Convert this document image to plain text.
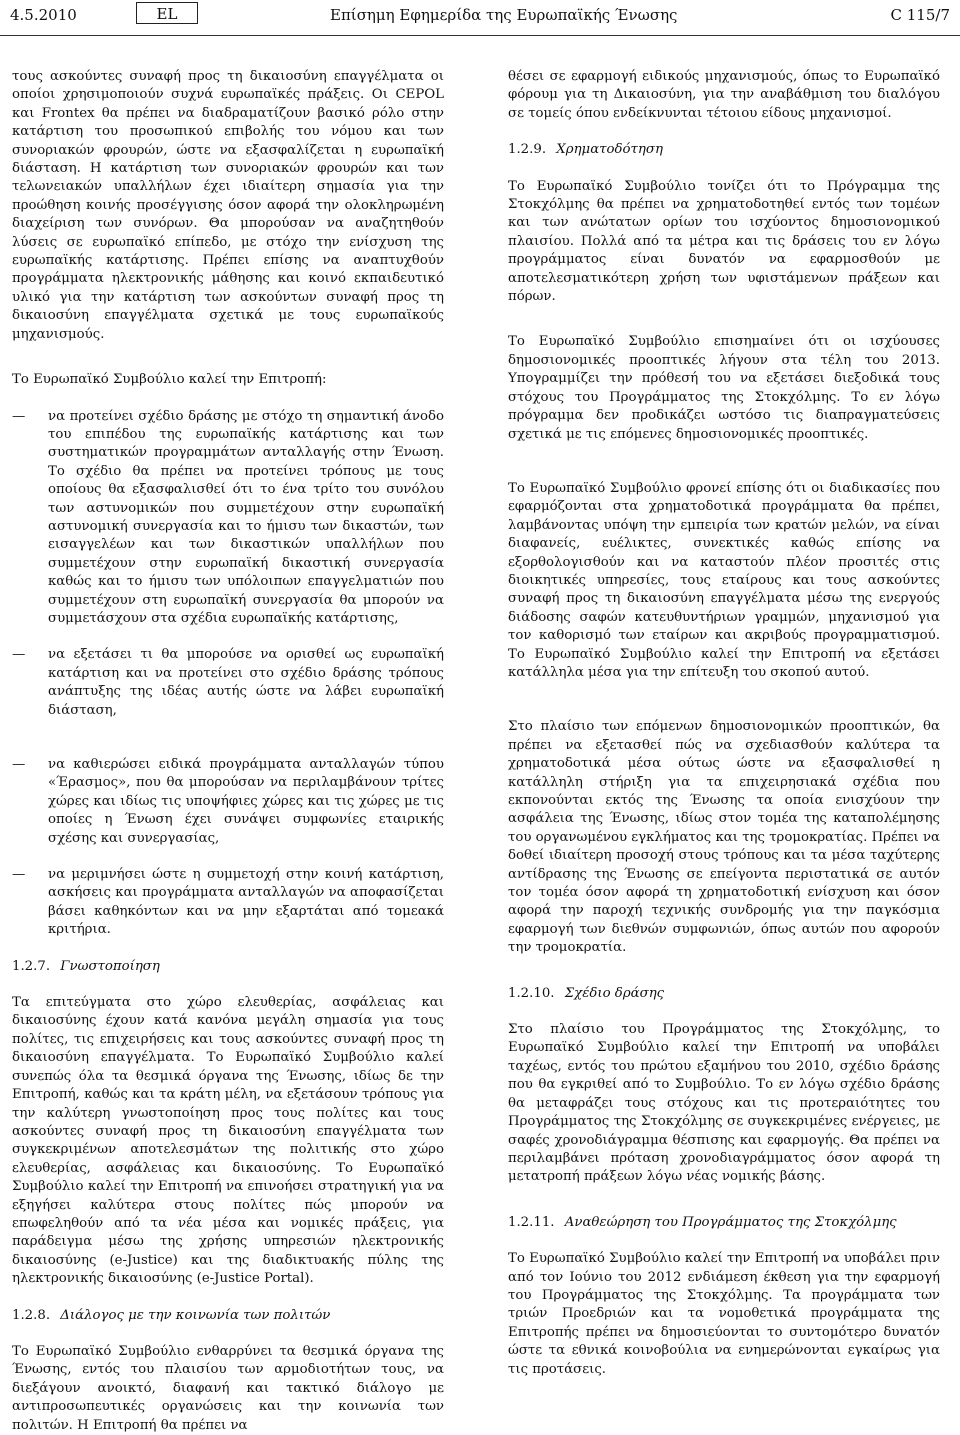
4.5.2010	EL	Επίσημη Εφημερίδα της Ευρωπαϊκής Ένωσης	C 115/7

τους ασκούντες συναφή προς τη δικαιοσύνη επαγγέλματα οι οποίοι χρησιμοποιούν συχνά ευρωπαϊκές πράξεις. Οι CEPOL και Frontex θα πρέπει να διαδραματίζουν βασικό ρόλο στην κατάρτιση του προσωπικού επιβολής του νόμου και των συνοριακών φρουρών, ώστε να εξασφαλίζεται η ευρωπαϊκή διάσταση. Η κατάρτιση των συνοριακών φρουρών και των τελωνειακών υπαλλήλων έχει ιδιαίτερη σημασία για την προώθηση κοινής προσέγγισης όσον αφορά την ολοκληρωμένη διαχείριση των συνόρων. Θα μπορούσαν να αναζητηθούν λύσεις σε ευρωπαϊκό επίπεδο, με στόχο την ενίσχυση της ευρωπαϊκής κατάρτισης. Πρέπει επίσης να αναπτυχθούν προγράμματα ηλεκτρονικής μάθησης και κοινό εκπαιδευτικό υλικό για την κατάρτιση των ασκούντων συναφή προς τη δικαιοσύνη επαγγέλματα σχετικά με τους ευρωπαϊκούς μηχανισμούς.

Το Ευρωπαϊκό Συμβούλιο καλεί την Επιτροπή:

—	να προτείνει σχέδιο δράσης με στόχο τη σημαντική άνοδο του επιπέδου της ευρωπαϊκής κατάρτισης και των συστηματικών προγραμμάτων ανταλλαγής στην Ένωση. Το σχέδιο θα πρέπει να προτείνει τρόπους με τους οποίους θα εξασφαλισθεί ότι το ένα τρίτο του συνόλου των αστυνομικών που συμμετέχουν στην ευρωπαϊκή αστυνομική συνεργασία και το ήμισυ των δικαστών, των εισαγγελέων και των δικαστικών υπαλλήλων που συμμετέχουν στην ευρωπαϊκή δικαστική συνεργασία καθώς και το ήμισυ των υπόλοιπων επαγγελματιών που συμμετέχουν στη ευρωπαϊκή συνεργασία θα μπορούν να συμμετάσχουν στα σχέδια ευρωπαϊκής κατάρτισης,

—	να εξετάσει τι θα μπορούσε να ορισθεί ως ευρωπαϊκή κατάρτιση και να προτείνει στο σχέδιο δράσης τρόπους ανάπτυξης της ιδέας αυτής ώστε να λάβει ευρωπαϊκή διάσταση,

—	να καθιερώσει ειδικά προγράμματα ανταλλαγών τύπου «Έρασμος», που θα μπορούσαν να περιλαμβάνουν τρίτες χώρες και ιδίως τις υποψήφιες χώρες και τις χώρες με τις οποίες η Ένωση έχει συνάψει συμφωνίες εταιρικής σχέσης και συνεργασίας,

—	να μεριμνήσει ώστε η συμμετοχή στην κοινή κατάρτιση, ασκήσεις και προγράμματα ανταλλαγών να αποφασίζεται βάσει καθηκόντων και να μην εξαρτάται από τομεακά κριτήρια.

1.2.7. Γνωστοποίηση

Τα επιτεύγματα στο χώρο ελευθερίας, ασφάλειας και δικαιοσύνης έχουν κατά κανόνα μεγάλη σημασία για τους πολίτες, τις επιχειρήσεις και τους ασκούντες συναφή προς τη δικαιοσύνη επαγγέλματα. Το Ευρωπαϊκό Συμβούλιο καλεί συνεπώς όλα τα θεσμικά όργανα της Ένωσης, ιδίως δε την Επιτροπή, καθώς και τα κράτη μέλη, να εξετάσουν τρόπους για την καλύτερη γνωστοποίηση προς τους πολίτες και τους ασκούντες συναφή προς τη δικαιοσύνη επαγγέλματα των συγκεκριμένων αποτελεσμάτων της πολιτικής στο χώρο ελευθερίας, ασφάλειας και δικαιοσύνης. Το Ευρωπαϊκό Συμβούλιο καλεί την Επιτροπή να επινοήσει στρατηγική για να εξηγήσει καλύτερα στους πολίτες πώς μπορούν να επωφεληθούν από τα νέα μέσα και νομικές πράξεις, για παράδειγμα μέσω της χρήσης υπηρεσιών ηλεκτρονικής δικαιοσύνης (e-Justice) και της διαδικτυακής πύλης της ηλεκτρονικής δικαιοσύνης (e-Justice Portal).

1.2.8. Διάλογος με την κοινωνία των πολιτών

Το Ευρωπαϊκό Συμβούλιο ενθαρρύνει τα θεσμικά όργανα της Ένωσης, εντός του πλαισίου των αρμοδιοτήτων τους, να διεξάγουν ανοικτό, διαφανή και τακτικό διάλογο με αντιπροσωπευτικές οργανώσεις και την κοινωνία των πολιτών. Η Επιτροπή θα πρέπει να

θέσει σε εφαρμογή ειδικούς μηχανισμούς, όπως το Ευρωπαϊκό φόρουμ για τη Δικαιοσύνη, για την αναβάθμιση του διαλόγου σε τομείς όπου ενδείκνυνται τέτοιου είδους μηχανισμοί.

1.2.9. Χρηματοδότηση

Το Ευρωπαϊκό Συμβούλιο τονίζει ότι το Πρόγραμμα της Στοκχόλμης θα πρέπει να χρηματοδοτηθεί εντός των τομέων και των ανώτατων ορίων του ισχύοντος δημοσιονομικού πλαισίου. Πολλά από τα μέτρα και τις δράσεις του εν λόγω προγράμματος είναι δυνατόν να εφαρμοσθούν με αποτελεσματικότερη χρήση των υφιστάμενων πράξεων και πόρων.

Το Ευρωπαϊκό Συμβούλιο επισημαίνει ότι οι ισχύουσες δημοσιονομικές προοπτικές λήγουν στα τέλη του 2013. Υπογραμμίζει την πρόθεσή του να εξετάσει διεξοδικά τους στόχους του Προγράμματος της Στοκχόλμης. Το εν λόγω πρόγραμμα δεν προδικάζει ωστόσο τις διαπραγματεύσεις σχετικά με τις επόμενες δημοσιονομικές προοπτικές.

Το Ευρωπαϊκό Συμβούλιο φρονεί επίσης ότι οι διαδικασίες που εφαρμόζονται στα χρηματοδοτικά προγράμματα θα πρέπει, λαμβάνοντας υπόψη την εμπειρία των κρατών μελών, να είναι διαφανείς, ευέλικτες, συνεκτικές καθώς επίσης να εξορθολογισθούν και να καταστούν πλέον προσιτές στις διοικητικές υπηρεσίες, τους εταίρους και τους ασκούντες συναφή προς τη δικαιοσύνη επαγγέλματα μέσω της ενεργούς διάδοσης σαφών κατευθυντήριων γραμμών, μηχανισμού για τον καθορισμό των εταίρων και ακριβούς προγραμματισμού. Το Ευρωπαϊκό Συμβούλιο καλεί την Επιτροπή να εξετάσει κατάλληλα μέσα για την επίτευξη του σκοπού αυτού.

Στο πλαίσιο των επόμενων δημοσιονομικών προοπτικών, θα πρέπει να εξετασθεί πώς να σχεδιασθούν καλύτερα τα χρηματοδοτικά μέσα ούτως ώστε να εξασφαλισθεί η κατάλληλη στήριξη για τα επιχειρησιακά σχέδια που εκπονούνται εκτός της Ένωσης τα οποία ενισχύουν την ασφάλεια της Ένωσης, ιδίως στον τομέα της καταπολέμησης του οργανωμένου εγκλήματος και της τρομοκρατίας. Πρέπει να δοθεί ιδιαίτερη προσοχή στους τρόπους και τα μέσα ταχύτερης αντίδρασης της Ένωσης σε επείγοντα περιστατικά σε αυτόν τον τομέα όσον αφορά τη χρηματοδοτική ενίσχυση και όσον αφορά την παροχή τεχνικής συνδρομής για την παγκόσμια εφαρμογή των διεθνών συμφωνιών, όπως αυτών που αφορούν την τρομοκρατία.

1.2.10. Σχέδιο δράσης

Στο πλαίσιο του Προγράμματος της Στοκχόλμης, το Ευρωπαϊκό Συμβούλιο καλεί την Επιτροπή να υποβάλει ταχέως, εντός του πρώτου εξαμήνου του 2010, σχέδιο δράσης που θα εγκριθεί από το Συμβούλιο. Το εν λόγω σχέδιο δράσης θα μεταφράζει τους στόχους και τις προτεραιότητες του Προγράμματος της Στοκχόλμης σε συγκεκριμένες ενέργειες, με σαφές χρονοδιάγραμμα θέσπισης και εφαρμογής. Θα πρέπει να περιλαμβάνει πρόταση χρονοδιαγράμματος όσον αφορά τη μετατροπή πράξεων λόγω νέας νομικής βάσης.

1.2.11. Αναθεώρηση του Προγράμματος της Στοκχόλμης

Το Ευρωπαϊκό Συμβούλιο καλεί την Επιτροπή να υποβάλει πριν από τον Ιούνιο του 2012 ενδιάμεση έκθεση για την εφαρμογή του Προγράμματος της Στοκχόλμης. Τα προγράμματα των τριών Προεδριών και τα νομοθετικά προγράμματα της Επιτροπής πρέπει να δημοσιεύονται το συντομότερο δυνατόν ώστε τα εθνικά κοινοβούλια να ενημερώνονται εγκαίρως για τις προτάσεις.
